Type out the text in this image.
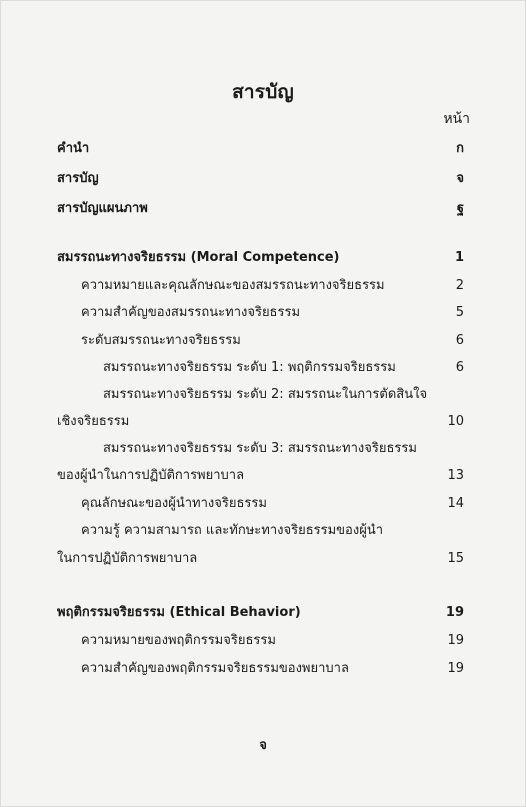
สารบัญ
หน้า
คำนำ	ก
สารบัญ	จ
สารบัญแผนภาพ	ฐ
สมรรถนะทางจริยธรรม (Moral Competence)	1
ความหมายและคุณลักษณะของสมรรถนะทางจริยธรรม	2
ความสำคัญของสมรรถนะทางจริยธรรม	5
ระดับสมรรถนะทางจริยธรรม	6
สมรรถนะทางจริยธรรม ระดับ 1: พฤติกรรมจริยธรรม	6
สมรรถนะทางจริยธรรม ระดับ 2: สมรรถนะในการตัดสินใจ
เชิงจริยธรรม	10
สมรรถนะทางจริยธรรม ระดับ 3: สมรรถนะทางจริยธรรม
ของผู้นำในการปฏิบัติการพยาบาล	13
คุณลักษณะของผู้นำทางจริยธรรม	14
ความรู้ ความสามารถ และทักษะทางจริยธรรมของผู้นำ
ในการปฏิบัติการพยาบาล	15
พฤติกรรมจริยธรรม (Ethical Behavior)	19
ความหมายของพฤติกรรมจริยธรรม	19
ความสำคัญของพฤติกรรมจริยธรรมของพยาบาล	19
จ
